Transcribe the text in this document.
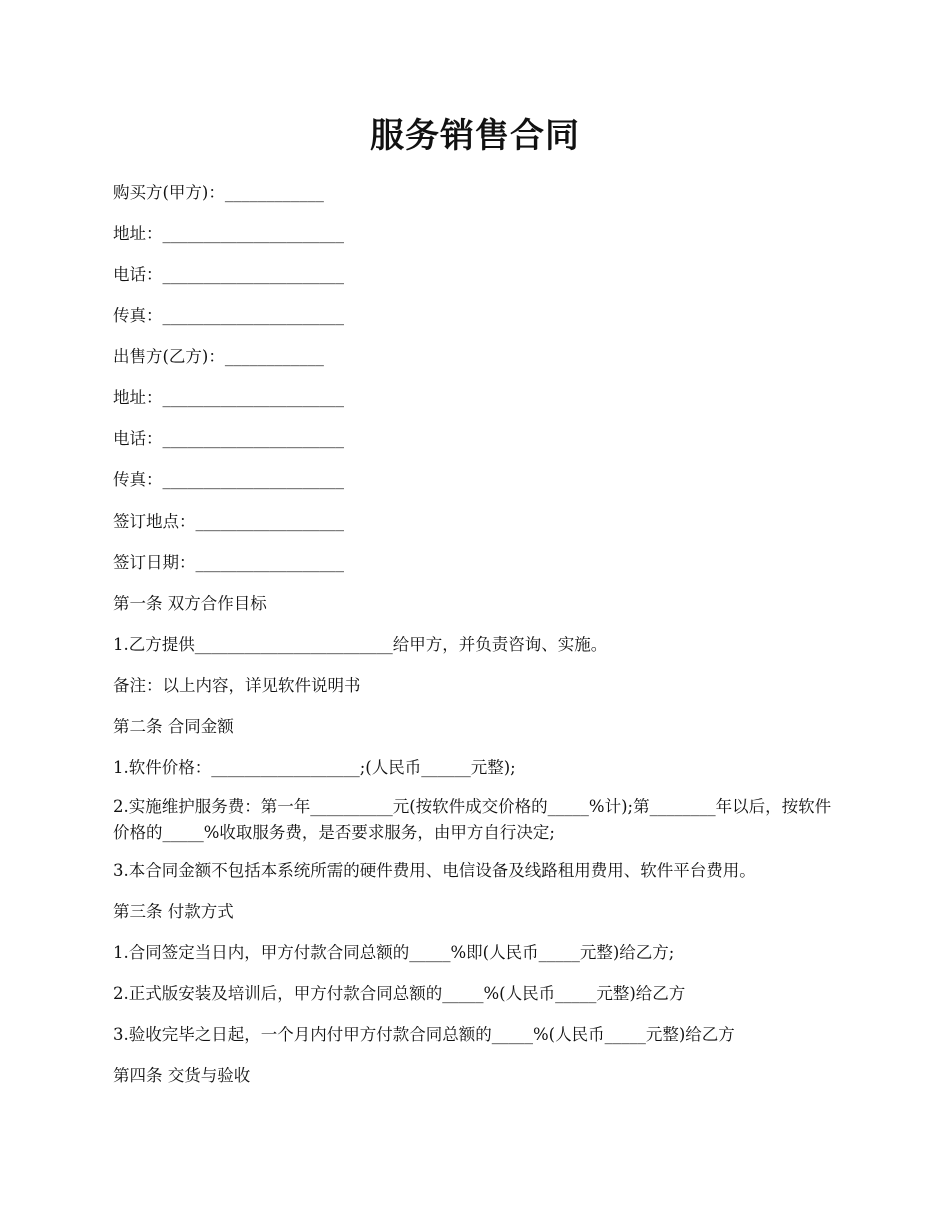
服务销售合同

购买方(甲方)：____________

地址：______________________

电话：______________________

传真：______________________

出售方(乙方)：____________

地址：______________________

电话：______________________

传真：______________________

签订地点：__________________

签订日期：__________________

第一条 双方合作目标

1.乙方提供________________________给甲方，并负责咨询、实施。

备注：以上内容，详见软件说明书

第二条 合同金额

1.软件价格：__________________;(人民币______元整);

2.实施维护服务费：第一年__________元(按软件成交价格的_____%计);第________年以后，按软件价格的_____%收取服务费，是否要求服务，由甲方自行决定;

3.本合同金额不包括本系统所需的硬件费用、电信设备及线路租用费用、软件平台费用。

第三条 付款方式

1.合同签定当日内，甲方付款合同总额的_____%即(人民币_____元整)给乙方;

2.正式版安装及培训后，甲方付款合同总额的_____%(人民币_____元整)给乙方

3.验收完毕之日起，一个月内付甲方付款合同总额的_____%(人民币_____元整)给乙方

第四条 交货与验收
